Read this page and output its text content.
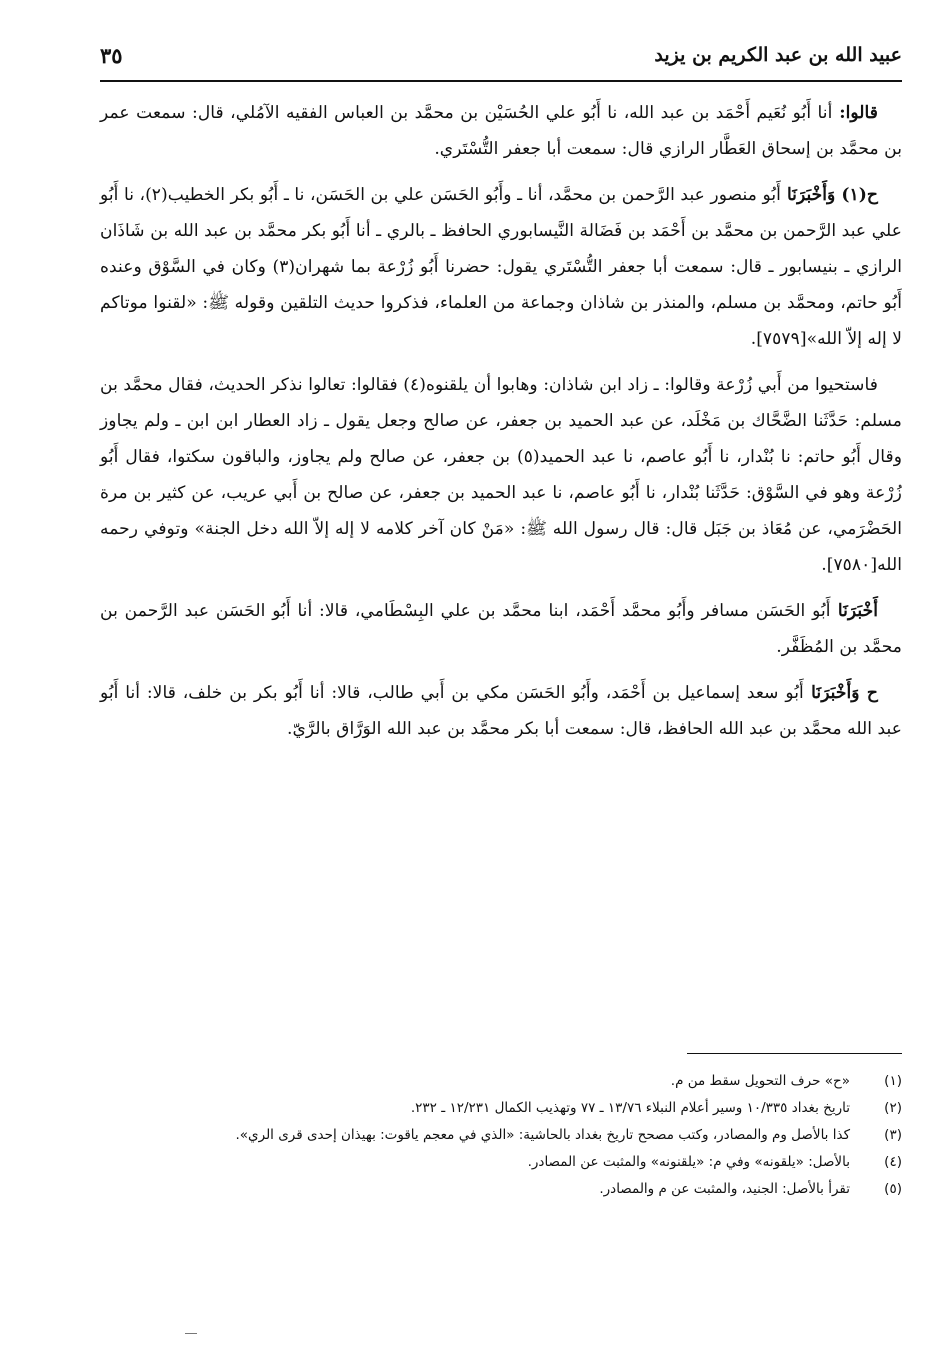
عبيد الله بن عبد الكريم بن يزيد
٣٥

قالوا: أنا أَبُو نُعَيم أَحْمَد بن عبد الله، نا أَبُو علي الحُسَيْن بن محمَّد بن العباس الفقيه الآمُلي، قال: سمعت عمر بن محمَّد بن إسحاق العَطَّار الرازي قال: سمعت أبا جعفر التُّسْتَري.

ح(١) وَأَخْبَرَنَا أَبُو منصور عبد الرَّحمن بن محمَّد، أنا ـ وأَبُو الحَسَن علي بن الحَسَن، نا ـ أَبُو بكر الخطيب(٢)، نا أَبُو علي عبد الرَّحمن بن محمَّد بن أَحْمَد بن فَضَالة النَّيسابوري الحافظ ـ بالري ـ أنا أَبُو بكر محمَّد بن عبد الله بن شَاذَان الرازي ـ بنيسابور ـ قال: سمعت أبا جعفر التُّسْتَري يقول: حضرنا أَبُو زُرْعة بما شهران(٣) وكان في السَّوْق وعنده أَبُو حاتم، ومحمَّد بن مسلم، والمنذر بن شاذان وجماعة من العلماء، فذكروا حديث التلقين وقوله ﷺ: «لقنوا موتاكم لا إله إلاّ الله»[٧٥٧٩].

فاستحيوا من أَبي زُرْعة وقالوا: ـ زاد ابن شاذان: وهابوا أن يلقنوه(٤) فقالوا: تعالوا نذكر الحديث، فقال محمَّد بن مسلم: حَدَّثَنا الضَّحَّاك بن مَخْلَد، عن عبد الحميد بن جعفر، عن صالح وجعل يقول ـ زاد العطار ابن ابن ـ ولم يجاوز وقال أَبُو حاتم: نا بُنْدار، نا أَبُو عاصم، نا عبد الحميد(٥) بن جعفر، عن صالح ولم يجاوز، والباقون سكتوا، فقال أَبُو زُرْعة وهو في السَّوْق: حَدَّثَنا بُنْدار، نا أَبُو عاصم، نا عبد الحميد بن جعفر، عن صالح بن أَبي عريب، عن كثير بن مرة الحَضْرَمي، عن مُعَاذ بن جَبَل قال: قال رسول الله ﷺ: «مَنْ كان آخر كلامه لا إله إلاّ الله دخل الجنة» وتوفي رحمه الله[٧٥٨٠].

أَخْبَرَنَا أَبُو الحَسَن مسافر وأَبُو محمَّد أَحْمَد، ابنا محمَّد بن علي البِسْطَامي، قالا: أنا أَبُو الحَسَن عبد الرَّحمن بن محمَّد بن المُظَفَّر.

ح وَأَخْبَرَنَا أَبُو سعد إسماعيل بن أَحْمَد، وأَبُو الحَسَن مكي بن أَبي طالب، قالا: أنا أَبُو بكر بن خلف، قالا: أنا أَبُو عبد الله محمَّد بن عبد الله الحافظ، قال: سمعت أبا بكر محمَّد بن عبد الله الوَرَّاق بالرَّيّ.

(١)
«ح» حرف التحويل سقط من م.
(٢)
تاريخ بغداد ١٠/٣٣٥ وسير أعلام النبلاء ١٣/٧٦ ـ ٧٧ وتهذيب الكمال ١٢/٢٣١ ـ ٢٣٢.
(٣)
كذا بالأصل وم والمصادر، وكتب مصحح تاريخ بغداد بالحاشية: «الذي في معجم ياقوت: بهيذان إحدى قرى الري».
(٤)
بالأصل: «يلقونه» وفي م: «يلقنونه» والمثبت عن المصادر.
(٥)
تقرأ بالأصل: الجنيد، والمثبت عن م والمصادر.
